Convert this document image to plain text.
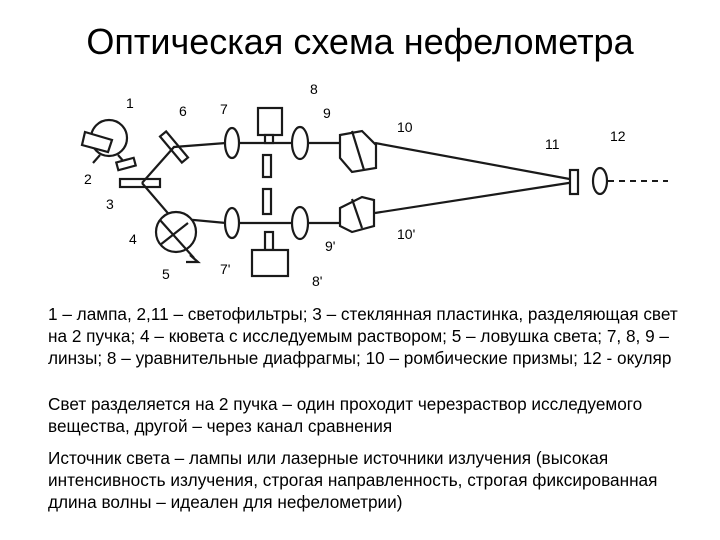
Оптическая схема нефелометра
1
2
3
4
5
6 7
7'
8
8'
9
9'
10
10'
11	12
1 – лампа, 2,11 – светофильтры; 3 – стеклянная пластинка, разделяющая свет на 2 пучка; 4 – кювета с исследуемым раствором; 5 – ловушка света; 7, 8, 9 – линзы; 8 – уравнительные диафрагмы; 10 – ромбические призмы; 12 - окуляр
Свет разделяется на 2 пучка – один проходит черезраствор исследуемого вещества, другой – через канал сравнения
Источник света – лампы или лазерные источники излучения (высокая интенсивность излучения, строгая направленность, строгая фиксированная длина волны – идеален для нефелометрии)
